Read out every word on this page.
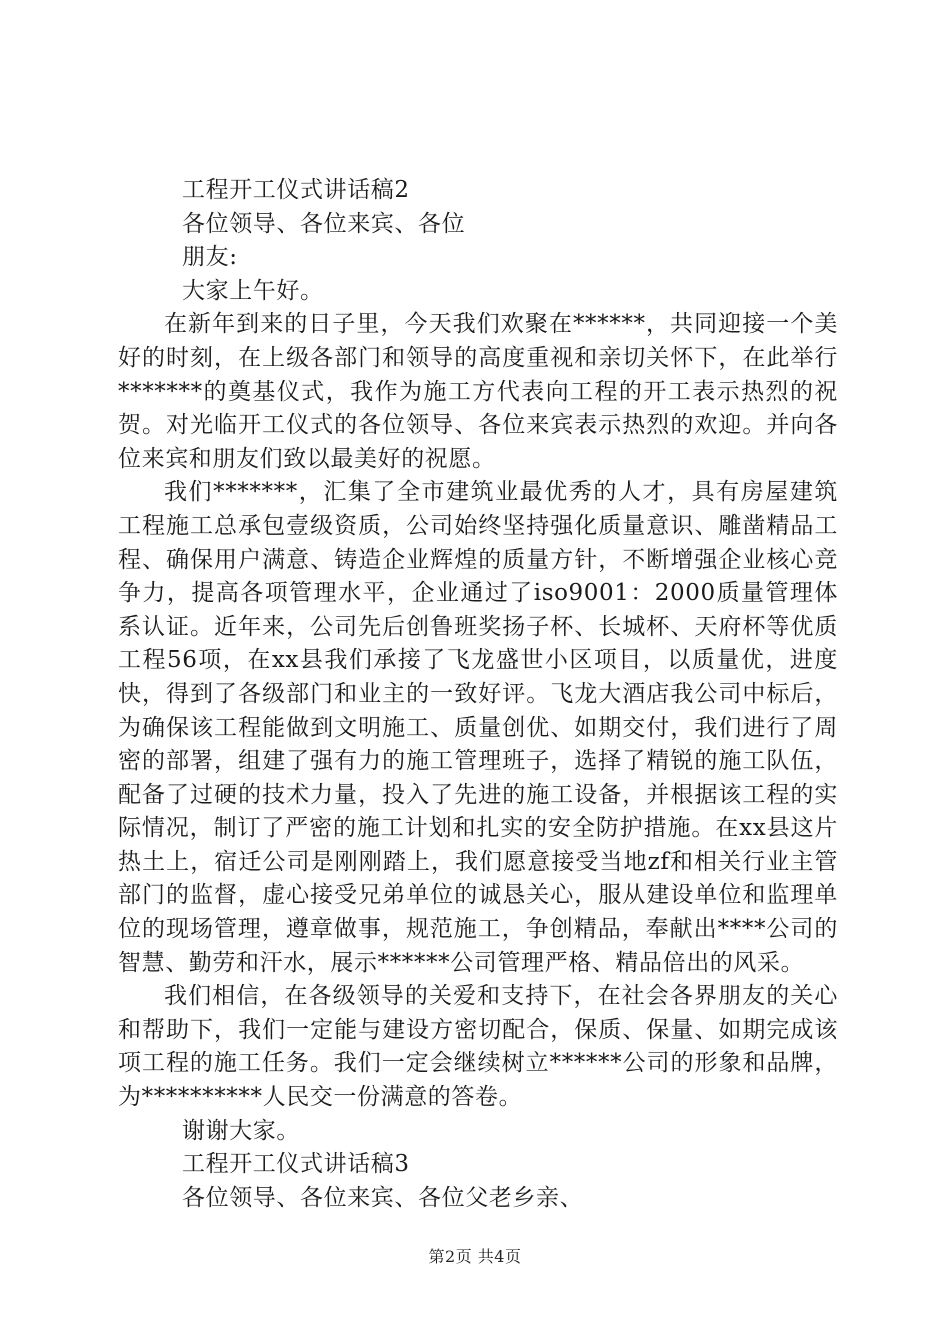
工程开工仪式讲话稿2
各位领导、各位来宾、各位
朋友:
大家上午好。
在新年到来的日子里，今天我们欢聚在******，共同迎接一个美好的时刻，在上级各部门和领导的高度重视和亲切关怀下，在此举行*******的奠基仪式，我作为施工方代表向工程的开工表示热烈的祝贺。对光临开工仪式的各位领导、各位来宾表示热烈的欢迎。并向各位来宾和朋友们致以最美好的祝愿。
我们*******，汇集了全市建筑业最优秀的人才，具有房屋建筑工程施工总承包壹级资质，公司始终坚持强化质量意识、雕凿精品工程、确保用户满意、铸造企业辉煌的质量方针，不断增强企业核心竞争力，提高各项管理水平，企业通过了iso9001：2000质量管理体系认证。近年来，公司先后创鲁班奖扬子杯、长城杯、天府杯等优质工程56项，在xx县我们承接了飞龙盛世小区项目，以质量优，进度快，得到了各级部门和业主的一致好评。飞龙大酒店我公司中标后，为确保该工程能做到文明施工、质量创优、如期交付，我们进行了周密的部署，组建了强有力的施工管理班子，选择了精锐的施工队伍，配备了过硬的技术力量，投入了先进的施工设备，并根据该工程的实际情况，制订了严密的施工计划和扎实的安全防护措施。在xx县这片热土上，宿迁公司是刚刚踏上，我们愿意接受当地zf和相关行业主管部门的监督，虚心接受兄弟单位的诚恳关心，服从建设单位和监理单位的现场管理，遵章做事，规范施工，争创精品，奉献出****公司的智慧、勤劳和汗水，展示******公司管理严格、精品倍出的风采。
我们相信，在各级领导的关爱和支持下，在社会各界朋友的关心和帮助下，我们一定能与建设方密切配合，保质、保量、如期完成该项工程的施工任务。我们一定会继续树立******公司的形象和品牌，为**********人民交一份满意的答卷。
谢谢大家。
工程开工仪式讲话稿3
各位领导、各位来宾、各位父老乡亲、
第2页 共4页
